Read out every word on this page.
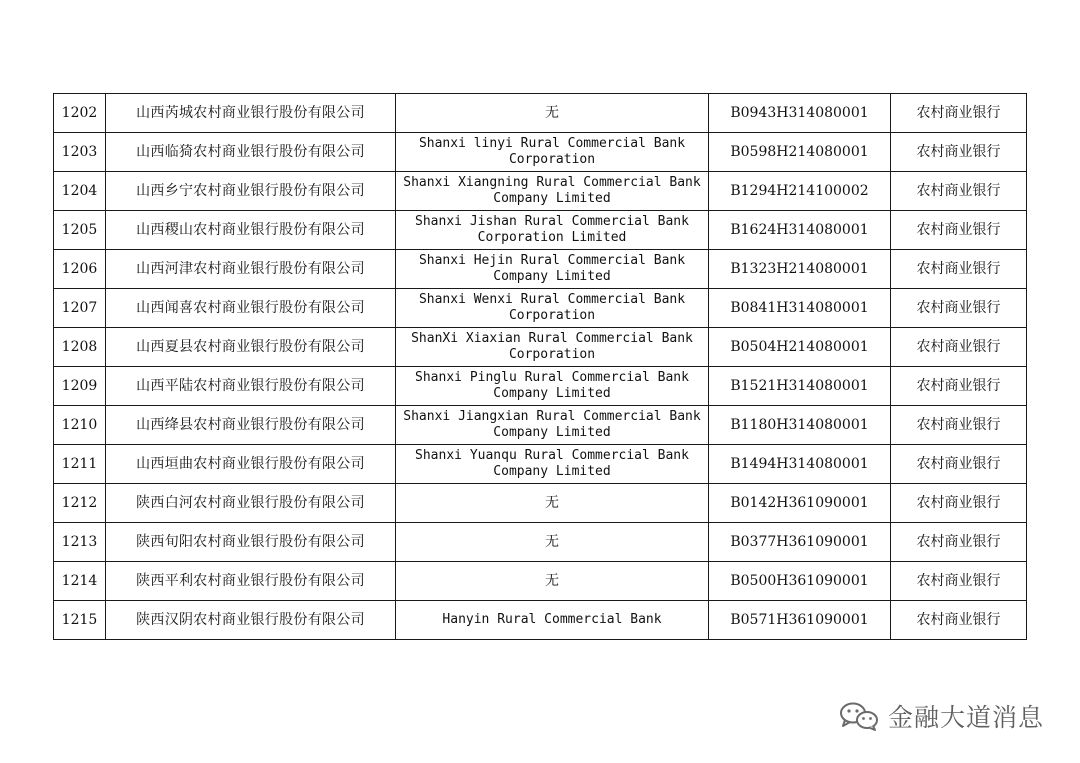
1202	山西芮城农村商业银行股份有限公司	无	B0943H314080001	农村商业银行
1203	山西临猗农村商业银行股份有限公司	Shanxi linyi Rural Commercial Bank
Corporation	B0598H214080001	农村商业银行
1204	山西乡宁农村商业银行股份有限公司	Shanxi Xiangning Rural Commercial Bank
Company Limited	B1294H214100002	农村商业银行
1205	山西稷山农村商业银行股份有限公司	Shanxi Jishan Rural Commercial Bank
Corporation Limited	B1624H314080001	农村商业银行
1206	山西河津农村商业银行股份有限公司	Shanxi Hejin Rural Commercial Bank
Company Limited	B1323H214080001	农村商业银行
1207	山西闻喜农村商业银行股份有限公司	Shanxi Wenxi Rural Commercial Bank
Corporation	B0841H314080001	农村商业银行
1208	山西夏县农村商业银行股份有限公司	ShanXi Xiaxian Rural Commercial Bank
Corporation	B0504H214080001	农村商业银行
1209	山西平陆农村商业银行股份有限公司	Shanxi Pinglu Rural Commercial Bank
Company Limited	B1521H314080001	农村商业银行
1210	山西绛县农村商业银行股份有限公司	Shanxi Jiangxian Rural Commercial Bank
Company Limited	B1180H314080001	农村商业银行
1211	山西垣曲农村商业银行股份有限公司	Shanxi Yuanqu Rural Commercial Bank
Company Limited	B1494H314080001	农村商业银行
1212	陕西白河农村商业银行股份有限公司	无	B0142H361090001	农村商业银行
1213	陕西旬阳农村商业银行股份有限公司	无	B0377H361090001	农村商业银行
1214	陕西平利农村商业银行股份有限公司	无	B0500H361090001	农村商业银行
1215	陕西汉阴农村商业银行股份有限公司	Hanyin Rural Commercial Bank	B0571H361090001	农村商业银行
金融大道消息
